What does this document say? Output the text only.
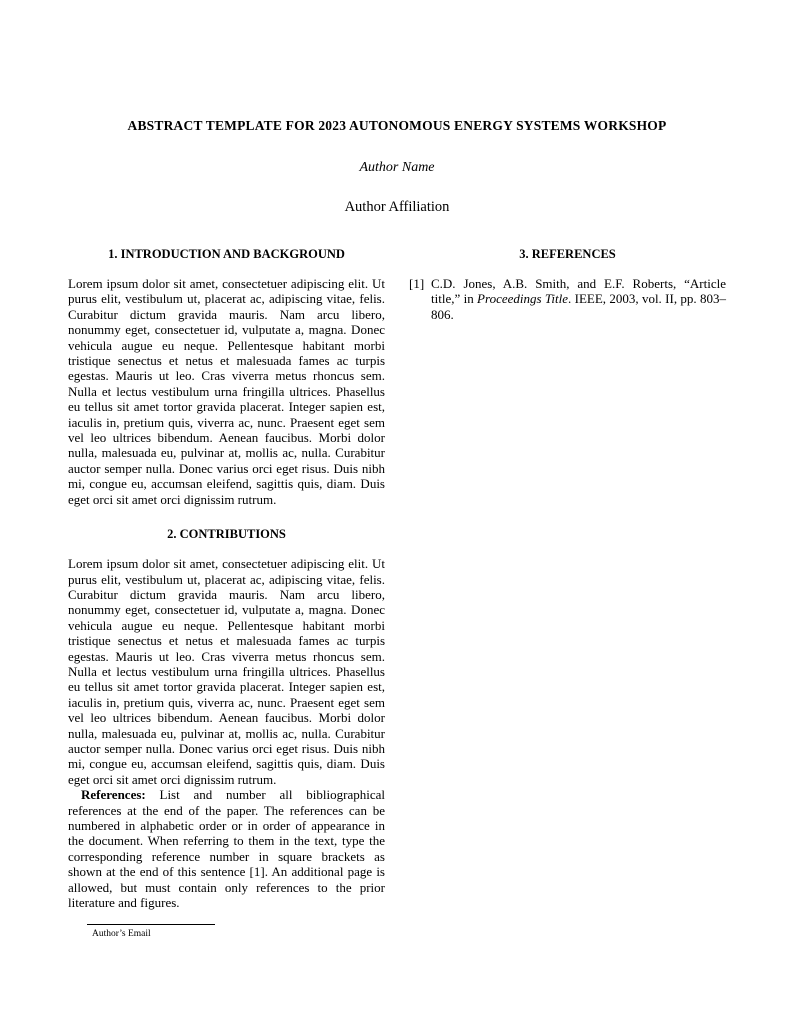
ABSTRACT TEMPLATE FOR 2023 AUTONOMOUS ENERGY SYSTEMS WORKSHOP
Author Name
Author Affiliation
1. INTRODUCTION AND BACKGROUND

Lorem ipsum dolor sit amet, consectetuer adipiscing elit. Ut purus elit, vestibulum ut, placerat ac, adipiscing vitae, felis. Curabitur dictum gravida mauris. Nam arcu libero, nonummy eget, consectetuer id, vulputate a, magna. Donec vehicula augue eu neque. Pellentesque habitant morbi tristique senectus et netus et malesuada fames ac turpis egestas. Mauris ut leo. Cras viverra metus rhoncus sem. Nulla et lectus vestibulum urna fringilla ultrices. Phasellus eu tellus sit amet tortor gravida placerat. Integer sapien est, iaculis in, pretium quis, viverra ac, nunc. Praesent eget sem vel leo ultrices bibendum. Aenean faucibus. Morbi dolor nulla, malesuada eu, pulvinar at, mollis ac, nulla. Curabitur auctor semper nulla. Donec varius orci eget risus. Duis nibh mi, congue eu, accumsan eleifend, sagittis quis, diam. Duis eget orci sit amet orci dignissim rutrum.

2. CONTRIBUTIONS

Lorem ipsum dolor sit amet, consectetuer adipiscing elit. Ut purus elit, vestibulum ut, placerat ac, adipiscing vitae, felis. Curabitur dictum gravida mauris. Nam arcu libero, nonummy eget, consectetuer id, vulputate a, magna. Donec vehicula augue eu neque. Pellentesque habitant morbi tristique senectus et netus et malesuada fames ac turpis egestas. Mauris ut leo. Cras viverra metus rhoncus sem. Nulla et lectus vestibulum urna fringilla ultrices. Phasellus eu tellus sit amet tortor gravida placerat. Integer sapien est, iaculis in, pretium quis, viverra ac, nunc. Praesent eget sem vel leo ultrices bibendum. Aenean faucibus. Morbi dolor nulla, malesuada eu, pulvinar at, mollis ac, nulla. Curabitur auctor semper nulla. Donec varius orci eget risus. Duis nibh mi, congue eu, accumsan eleifend, sagittis quis, diam. Duis eget orci sit amet orci dignissim rutrum.

References: List and number all bibliographical references at the end of the paper. The references can be numbered in alphabetic order or in order of appearance in the document. When referring to them in the text, type the corresponding reference number in square brackets as shown at the end of this sentence [1]. An additional page is allowed, but must contain only references to the prior literature and figures.

Author’s Email
3. REFERENCES

[1] C.D. Jones, A.B. Smith, and E.F. Roberts, “Article title,” in Proceedings Title. IEEE, 2003, vol. II, pp. 803–806.
